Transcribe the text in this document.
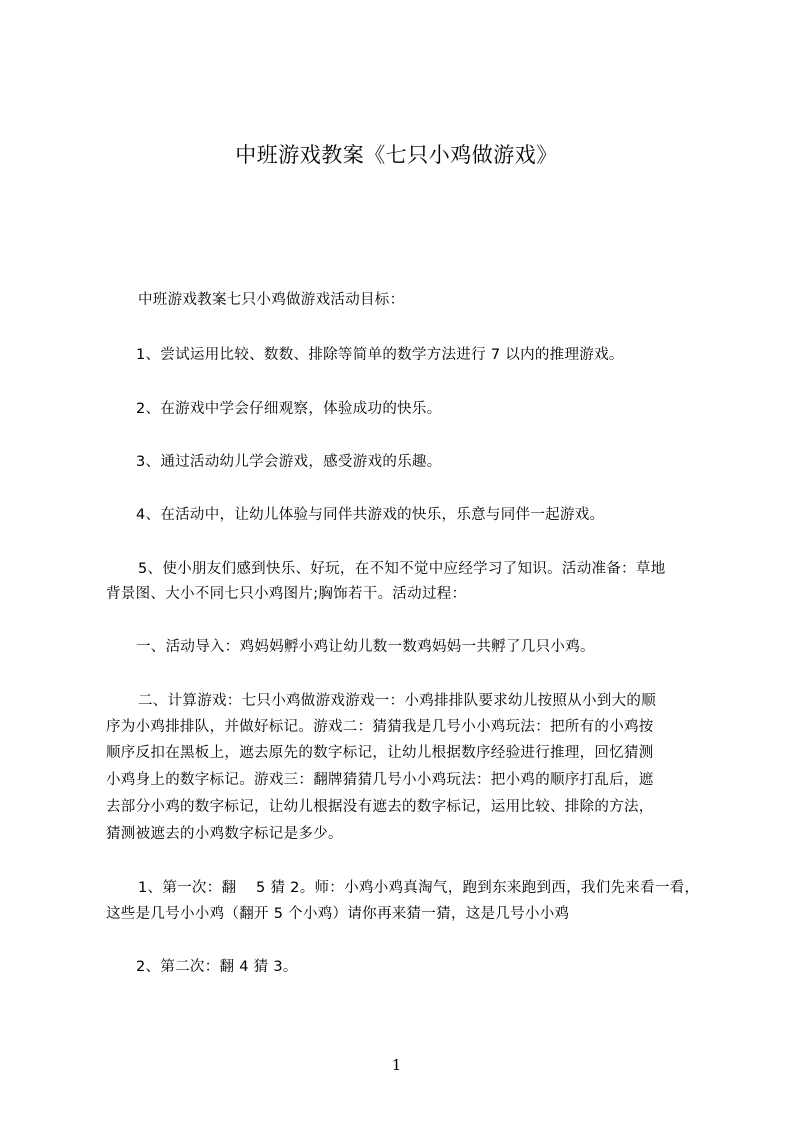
中班游戏教案《七只小鸡做游戏》
中班游戏教案七只小鸡做游戏活动目标：
1、尝试运用比较、数数、排除等简单的数学方法进行 7 以内的推理游戏。
2、在游戏中学会仔细观察，体验成功的快乐。
3、通过活动幼儿学会游戏，感受游戏的乐趣。
4、在活动中，让幼儿体验与同伴共游戏的快乐，乐意与同伴一起游戏。
5、使小朋友们感到快乐、好玩，在不知不觉中应经学习了知识。活动准备：草地
背景图、大小不同七只小鸡图片;胸饰若干。活动过程：
一、活动导入：鸡妈妈孵小鸡让幼儿数一数鸡妈妈一共孵了几只小鸡。
二、计算游戏：七只小鸡做游戏游戏一：小鸡排排队要求幼儿按照从小到大的顺
序为小鸡排排队，并做好标记。游戏二：猜猜我是几号小小鸡玩法：把所有的小鸡按
顺序反扣在黑板上，遮去原先的数字标记，让幼儿根据数序经验进行推理，回忆猜测
小鸡身上的数字标记。游戏三：翻牌猜猜几号小小鸡玩法：把小鸡的顺序打乱后，遮
去部分小鸡的数字标记，让幼儿根据没有遮去的数字标记，运用比较、排除的方法，
猜测被遮去的小鸡数字标记是多少。
1、第一次：翻　 5 猜 2。师：小鸡小鸡真淘气，跑到东来跑到西，我们先来看一看，
这些是几号小小鸡（翻开 5 个小鸡）请你再来猜一猜，这是几号小小鸡
2、第二次：翻 4 猜 3。
1
